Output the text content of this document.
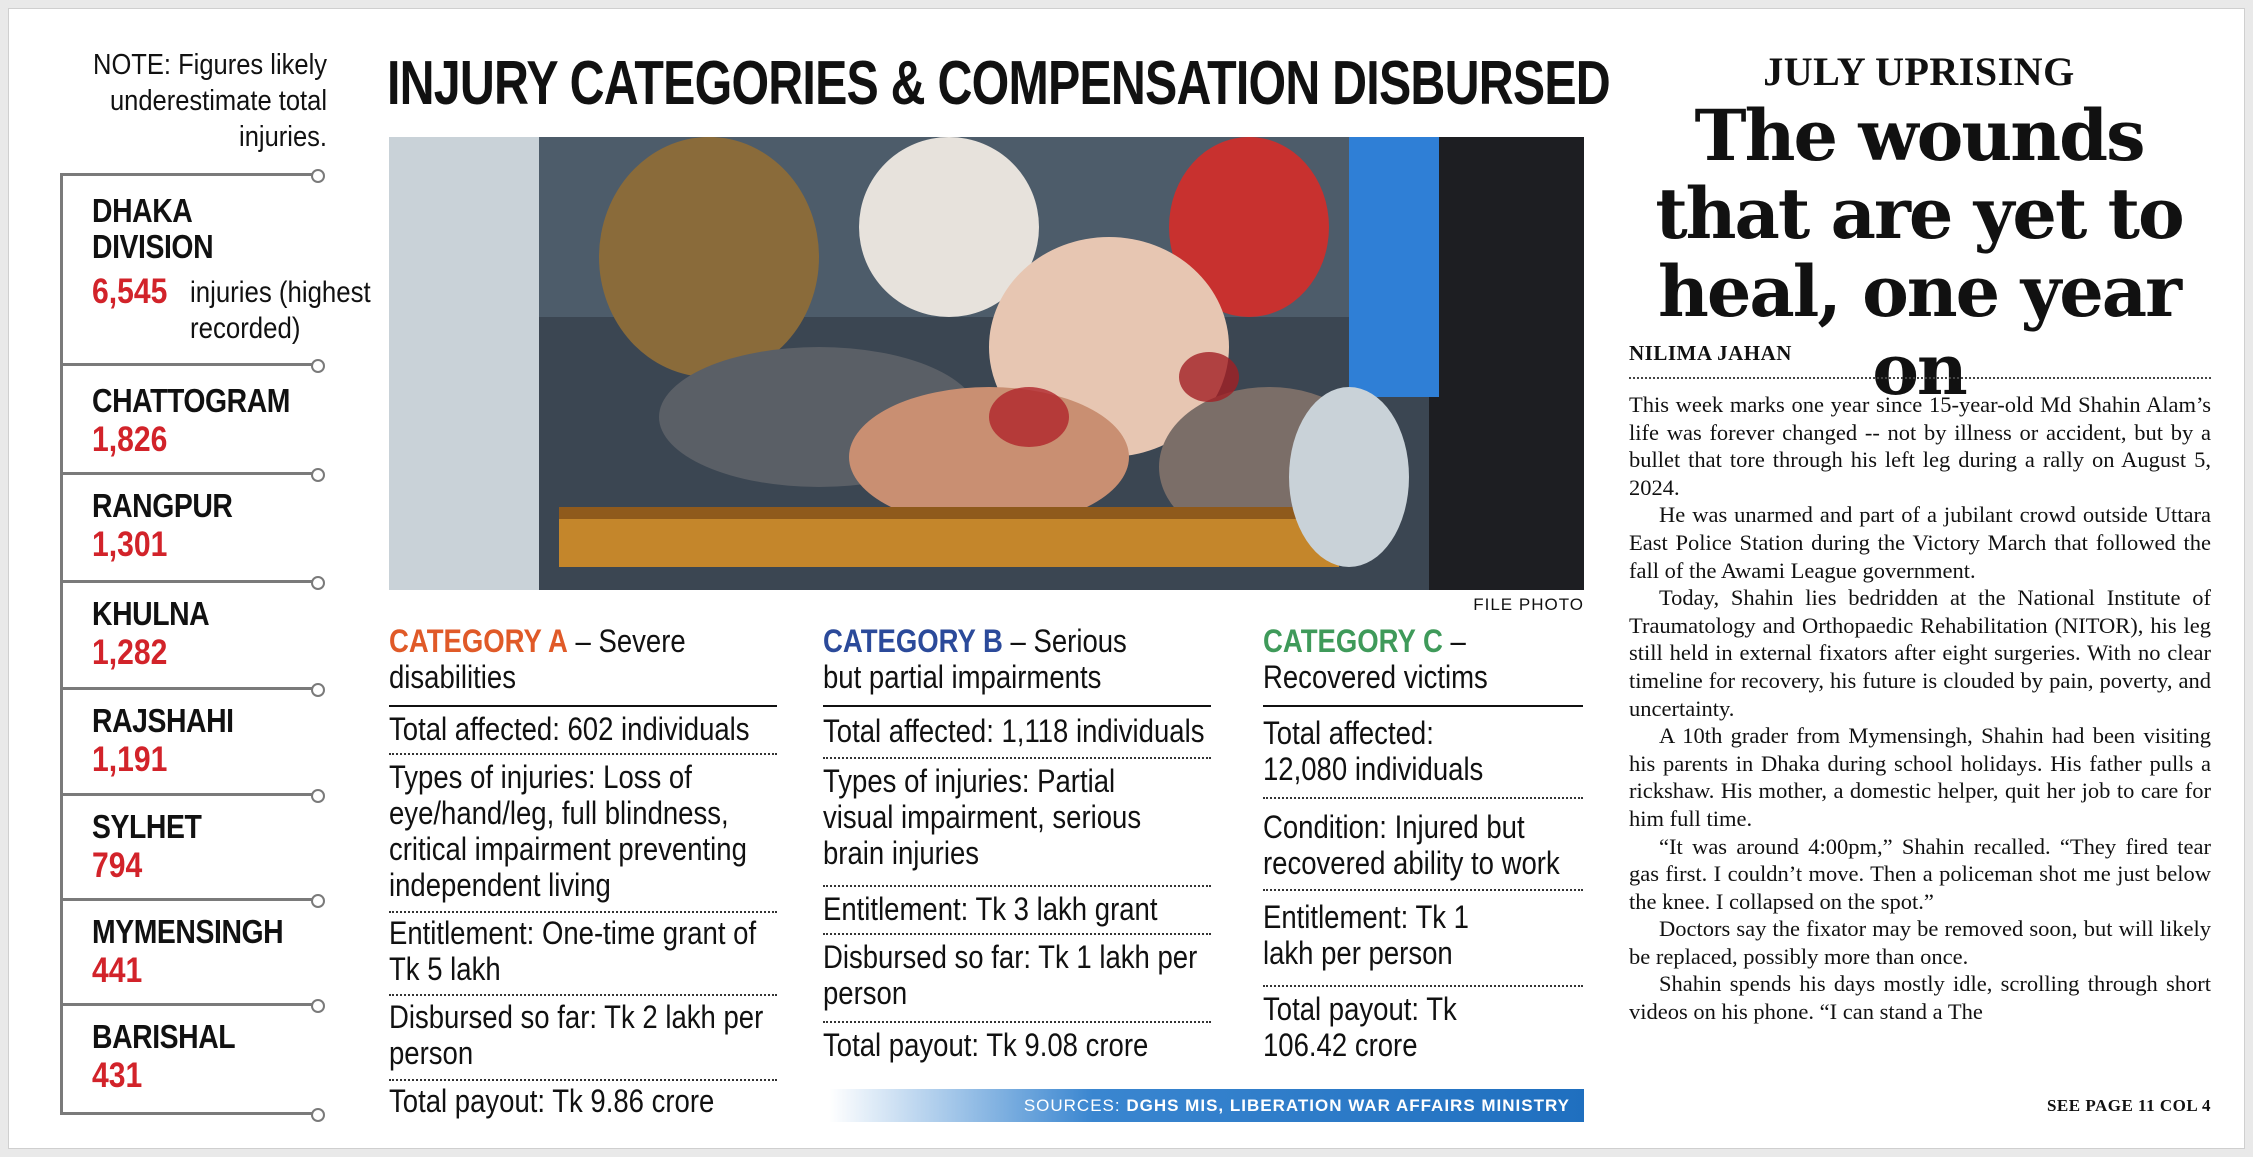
NOTE: Figures likely underestimate total injuries.
DHAKA DIVISION
6,545 injuries (highest recorded)
CHATTOGRAM
1,826
RANGPUR
1,301
KHULNA
1,282
RAJSHAHI
1,191
SYLHET
794
MYMENSINGH
441
BARISHAL
431
INJURY CATEGORIES & COMPENSATION DISBURSED
FILE PHOTO
CATEGORY A – Severe disabilities
Total affected: 602 individuals
Types of injuries: Loss of eye/hand/leg, full blindness, critical impairment preventing independent living
Entitlement: One-time grant of Tk 5 lakh
Disbursed so far: Tk 2 lakh per person
Total payout: Tk 9.86 crore
CATEGORY B – Serious but partial impairments
Total affected: 1,118 individuals
Types of injuries: Partial visual impairment, serious brain injuries
Entitlement: Tk 3 lakh grant
Disbursed so far: Tk 1 lakh per person
Total payout: Tk 9.08 crore
CATEGORY C – Recovered victims
Total affected: 12,080 individuals
Condition: Injured but recovered ability to work
Entitlement: Tk 1 lakh per person
Total payout: Tk 106.42 crore
SOURCES: DGHS MIS, LIBERATION WAR AFFAIRS MINISTRY
JULY UPRISING
The wounds that are yet to heal, one year on
NILIMA JAHAN

This week marks one year since 15-year-old Md Shahin Alam’s life was forever changed -- not by illness or accident, but by a bullet that tore through his left leg during a rally on August 5, 2024.

He was unarmed and part of a jubilant crowd outside Uttara East Police Station during the Victory March that followed the fall of the Awami League government.

Today, Shahin lies bedridden at the National Institute of Traumatology and Orthopaedic Rehabilitation (NITOR), his leg still held in external fixators after eight surgeries. With no clear timeline for recovery, his future is clouded by pain, poverty, and uncertainty.

A 10th grader from Mymensingh, Shahin had been visiting his parents in Dhaka during school holidays. His father pulls a rickshaw. His mother, a domestic helper, quit her job to care for him full time.

“It was around 4:00pm,” Shahin recalled. “They fired tear gas first. I couldn’t move. Then a policeman shot me just below the knee. I collapsed on the spot.”

Doctors say the fixator may be removed soon, but will likely be replaced, possibly more than once.

Shahin spends his days mostly idle, scrolling through short videos on his phone. “I can stand a The

SEE PAGE 11 COL 4
